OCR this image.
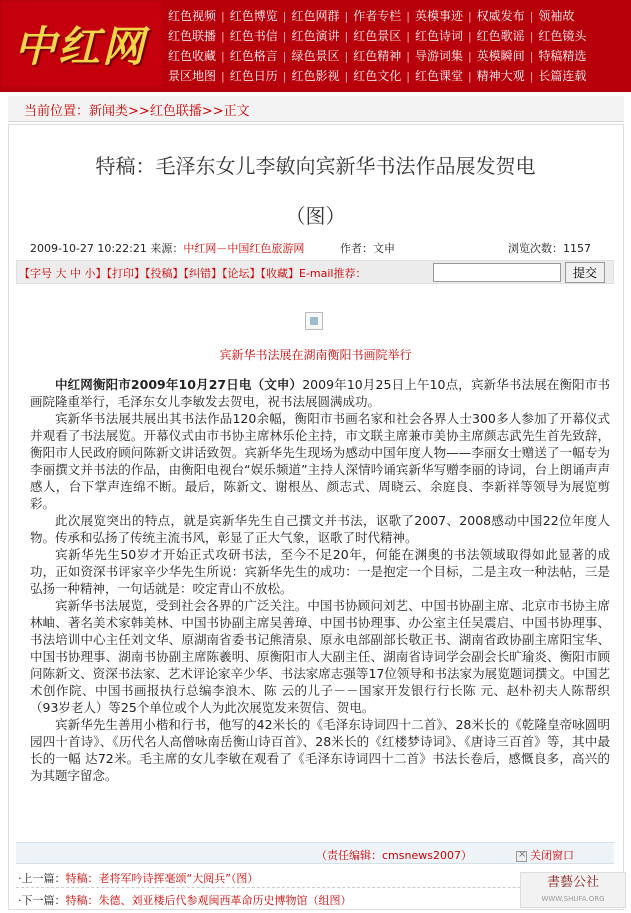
中红网
红色视频 | 红色博览 | 红色网群 | 作者专栏 | 英模事迹 | 权威发布 | 领袖故
红色联播 | 红色书信 | 红色演讲 | 红色景区 | 红色诗词 | 红色歌谣 | 红色镜头
红色收藏 | 红色格言 | 绿色景区 | 红色精神 | 导游词集 | 英模瞬间 | 特稿精选
景区地图 | 红色日历 | 红色影视 | 红色文化 | 红色课堂 | 精神大观 | 长篇连载
当前位置：新闻类>>红色联播>>正文
特稿：毛泽东女儿李敏向宾新华书法作品展发贺电
（图）
2009-10-27 10:22:21 来源：中红网－中国红色旅游网	作者：文申	浏览次数：1157
【字号 大 中 小】【打印】【投稿】【纠错】【论坛】【收藏】E-mail推荐：	提交
宾新华书法展在湖南衡阳书画院举行

中红网衡阳市2009年10月27日电（文申）2009年10月25日上午10点，宾新华书法展在衡阳市书画院隆重举行，毛泽东女儿李敏发去贺电，祝书法展圆满成功。

宾新华书法展共展出其书法作品120余幅，衡阳市书画名家和社会各界人士300多人参加了开幕仪式并观看了书法展览。开幕仪式由市书协主席林乐伦主持，市文联主席兼市美协主席颜志武先生首先致辞，衡阳市人民政府顾问陈新文讲话致贺。宾新华先生现场为感动中国年度人物——李丽女士赠送了一幅专为李丽撰文并书法的作品，由衡阳电视台“娱乐频道”主持人深情吟诵宾新华写赠李丽的诗词，台上朗诵声声感人，台下掌声连绵不断。最后，陈新文、谢根丛、颜志式、周晓云、余庭良、李新祥等领导为展览剪彩。

此次展览突出的特点，就是宾新华先生自己撰文并书法，讴歌了2007、2008感动中国22位年度人物。传承和弘扬了传统主流书风，彰显了正大气象，讴歌了时代精神。

宾新华先生50岁才开始正式攻研书法，至今不足20年，何能在渊奥的书法领域取得如此显著的成功，正如资深书评家辛少华先生所说：宾新华先生的成功：一是抱定一个目标，二是主攻一种法帖，三是弘扬一种精神，一句话就是：咬定青山不放松。

宾新华书法展览，受到社会各界的广泛关注。中国书协顾问刘艺、中国书协副主席、北京市书协主席林岫、著名美术家韩美林、中国书协副主席吴善璋、中国书协理事、办公室主任吴震启、中国书协理事、书法培训中心主任刘文华、原湖南省委书记熊清泉、原永电部副部长敬正书、湖南省政协副主席阳宝华、中国书协理事、湖南书协副主席陈羲明、原衡阳市人大副主任、湖南省诗词学会副会长旷瑜炎、衡阳市顾问陈新文、资深书法家、艺术评论家辛少华、书法家席志强等17位领导和书法家为展览题词撰文。中国艺术创作院、中国书画报执行总编李浪木、陈 云的儿子－－国家开发银行行长陈 元、赵朴初夫人陈帮织（93岁老人）等25个单位或个人为此次展览发来贺信、贺电。

宾新华先生善用小楷和行书，他写的42米长的《毛泽东诗词四十二首》、28米长的《乾隆皇帝咏圆明园四十首诗》、《历代名人高僧咏南岳衡山诗百首》、28米长的《红楼梦诗词》、《唐诗三百首》等，其中最长的一幅 达72米。毛主席的女儿李敏在观看了《毛泽东诗词四十二首》书法长卷后，感慨良多，高兴的为其题字留念。

（责任编辑：cmsnews2007）
×	关闭窗口
·上一篇：特稿：老将军吟诗挥毫颂“大阅兵”（图）
·下一篇：特稿：朱德、刘亚楼后代参观闽西革命历史博物馆（组图）
書藝公社
WWW.SHUFA.ORG
